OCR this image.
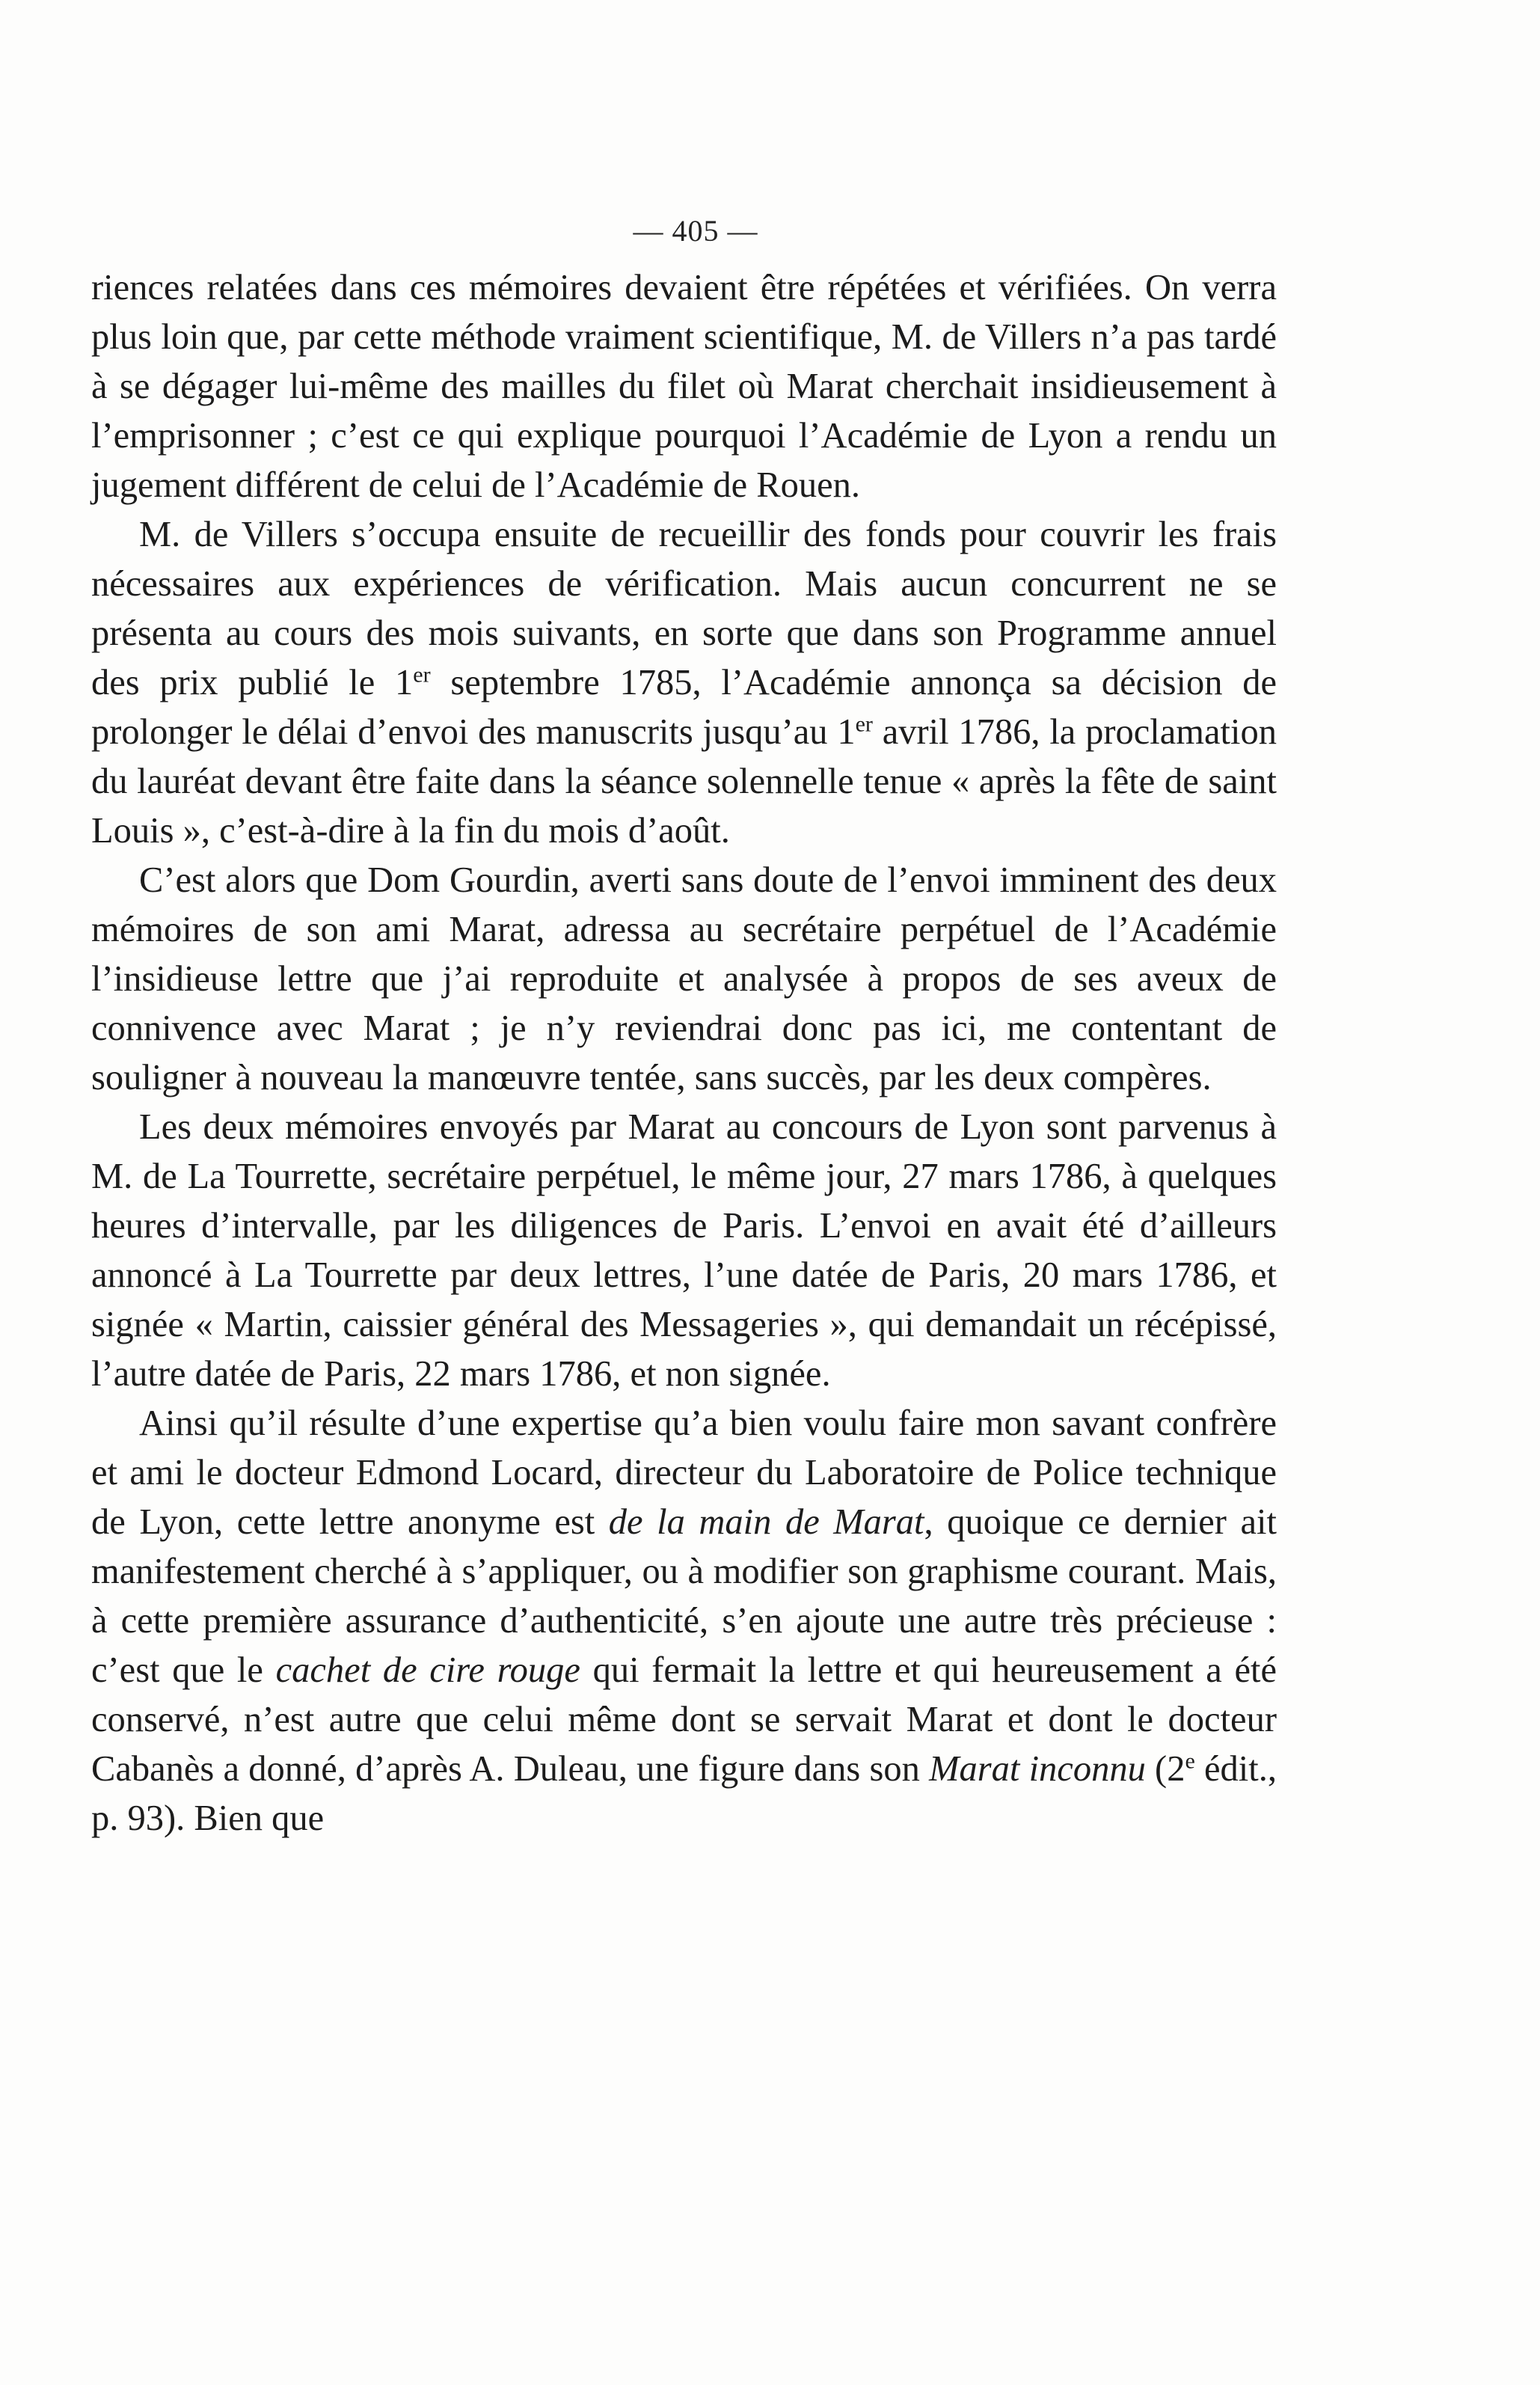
— 405 —

riences relatées dans ces mémoires devaient être répétées et vérifiées. On verra plus loin que, par cette méthode vraiment scientifique, M. de Villers n’a pas tardé à se dégager lui-même des mailles du filet où Marat cherchait insidieusement à l’emprisonner ; c’est ce qui explique pourquoi l’Académie de Lyon a rendu un jugement différent de celui de l’Académie de Rouen.

M. de Villers s’occupa ensuite de recueillir des fonds pour couvrir les frais nécessaires aux expériences de vérification. Mais aucun concurrent ne se présenta au cours des mois suivants, en sorte que dans son Programme annuel des prix publié le 1er septembre 1785, l’Académie annonça sa décision de prolonger le délai d’envoi des manuscrits jusqu’au 1er avril 1786, la proclamation du lauréat devant être faite dans la séance solennelle tenue « après la fête de saint Louis », c’est-à-dire à la fin du mois d’août.

C’est alors que Dom Gourdin, averti sans doute de l’envoi imminent des deux mémoires de son ami Marat, adressa au secrétaire perpétuel de l’Académie l’insidieuse lettre que j’ai reproduite et analysée à propos de ses aveux de connivence avec Marat ; je n’y reviendrai donc pas ici, me contentant de souligner à nouveau la manœuvre tentée, sans succès, par les deux compères.

Les deux mémoires envoyés par Marat au concours de Lyon sont parvenus à M. de La Tourrette, secrétaire perpétuel, le même jour, 27 mars 1786, à quelques heures d’intervalle, par les diligences de Paris. L’envoi en avait été d’ailleurs annoncé à La Tourrette par deux lettres, l’une datée de Paris, 20 mars 1786, et signée « Martin, caissier général des Messageries », qui demandait un récépissé, l’autre datée de Paris, 22 mars 1786, et non signée.

Ainsi qu’il résulte d’une expertise qu’a bien voulu faire mon savant confrère et ami le docteur Edmond Locard, directeur du Laboratoire de Police technique de Lyon, cette lettre anonyme est de la main de Marat, quoique ce dernier ait manifestement cherché à s’appliquer, ou à modifier son graphisme courant. Mais, à cette première assurance d’authenticité, s’en ajoute une autre très précieuse : c’est que le cachet de cire rouge qui fermait la lettre et qui heureusement a été conservé, n’est autre que celui même dont se servait Marat et dont le docteur Cabanès a donné, d’après A. Duleau, une figure dans son Marat inconnu (2e édit., p. 93). Bien que
